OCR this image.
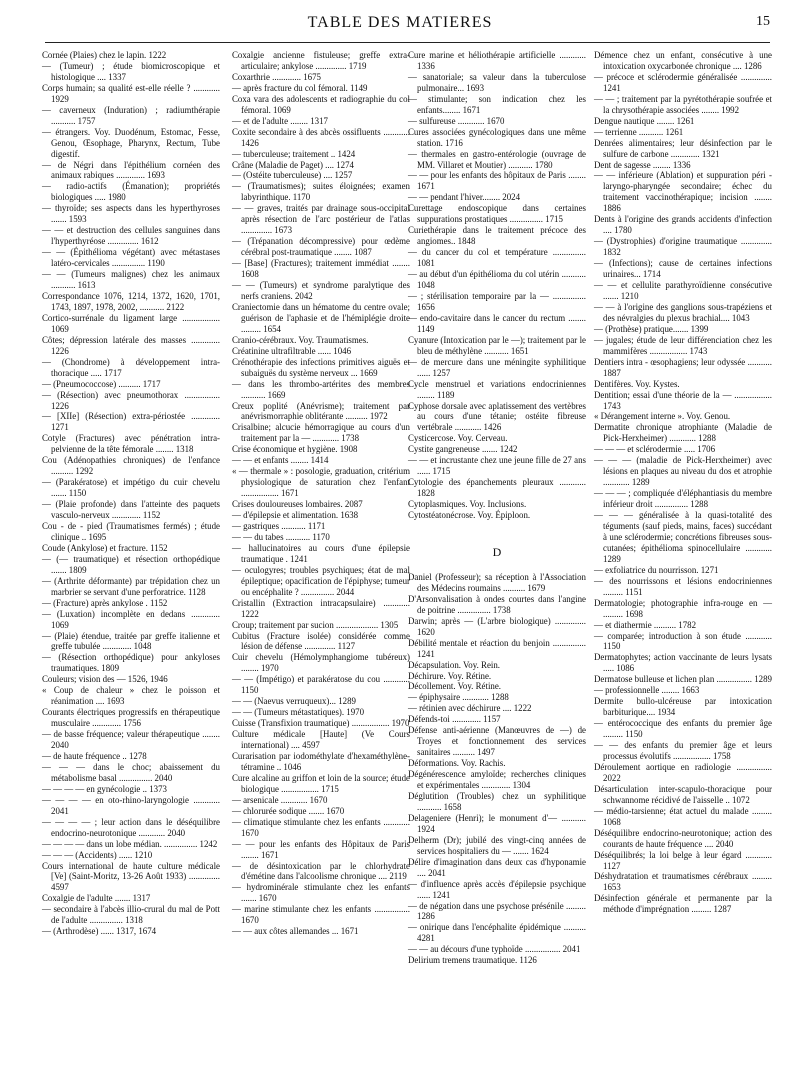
TABLE DES MATIERES	15
Cornée (Plaies) chez le lapin. 1222
— (Tumeur) ; étude biomicroscopique et histologique .... 1337
Corps humain; sa qualité est-elle réelle ? ............ 1929
— caverneux (Induration) ; radiumthérapie ........... 1757
— étrangers. Voy. Duodénum, Estomac, Fesse, Genou, Œsophage, Pharynx, Rectum, Tube digestif.
— de Négri dans l'épithélium cornéen des animaux rabiques ............. 1693
— radio-actifs (Émanation); propriétés biologiques ..... 1980
— thyroïde; ses aspects dans les hyperthyroses ....... 1593
— — et destruction des cellules sanguines dans l'hyperthyréose .............. 1612
— — (Épithélioma végétant) avec métastases latéro-cervicales ............... 1190
— — (Tumeurs malignes) chez les animaux ........... 1613
Correspondance 1076, 1214, 1372, 1620, 1701, 1743, 1897, 1978, 2002, ........... 2122
Cortico-surrénale du ligament large ................. 1069
Côtes; dépression latérale des masses ............. 1226
— (Chondrome) à développement intra-thoracique ..... 1717
— (Pneumococcose) .......... 1717
— (Résection) avec pneumothorax ................ 1226
— [XIIe] (Résection) extra-périostée ............. 1271
Cotyle (Fractures) avec pénétration intra-pelvienne de la tête fémorale ........ 1318
Cou (Adénopathies chroniques) de l'enfance .......... 1292
— (Parakératose) et impétigo du cuir chevelu ....... 1150
— (Plaie profonde) dans l'atteinte des paquets vasculo-nerveux ............. 1152
Cou - de - pied (Traumatismes fermés) ; étude clinique .. 1695
Coude (Ankylose) et fracture. 1152
— (— traumatique) et résection orthopédique ....... 1809
— (Arthrite déformante) par trépidation chez un marbrier se servant d'une perforatrice. 1128
— (Fracture) après ankylose . 1152
— (Luxation) incomplète en dedans ............. 1069
— (Plaie) étendue, traitée par greffe italienne et greffe tubulée ............. 1048
— (Résection orthopédique) pour ankyloses traumatiques. 1809
Couleurs; vision des — 1526, 1946
« Coup de chaleur » chez le poisson et réanimation .... 1693
Courants électriques progressifs en thérapeutique musculaire ............. 1756
— de basse fréquence; valeur thérapeutique ........ 2040
— de haute fréquence .. 1278
— — — dans le choc; abaissement du métabolisme basal ............... 2040
— — — — en gynécologie .. 1373
— — — — en oto-rhino-laryngologie ............ 2041
— — — — ; leur action dans le déséquilibre endocrino-neurotonique ............ 2040
— — — — dans un lobe médian. ............... 1242
— — — (Accidents) ...... 1210
Cours international de haute culture médicale [Ve] (Saint-Moritz, 13-26 Août 1933) .............. 4597
Coxalgie de l'adulte ....... 1317
— secondaire à l'abcès illio-crural du mal de Pott de l'adulte ............... 1318
— (Arthrodèse) ...... 1317, 1674
Coxalgie ancienne fistuleuse; greffe extra-articulaire; ankylose .............. 1719
Coxarthrie ............. 1675
— après fracture du col fémoral. 1149
Coxa vara des adolescents et radiographie du col fémoral. 1069
— et de l'adulte ........ 1317
Coxite secondaire à des abcès ossifluents ............ 1426
— tuberculeuse; traitement .. 1424
Crâne (Maladie de Paget) .... 1274
— (Ostéite tuberculeuse) .... 1257
— (Traumatismes); suites éloignées; examen labyrinthique. 1170
— — graves, traités par drainage sous-occipital après résection de l'arc postérieur de l'atlas .............. 1673
— (Trépanation décompressive) pour œdème cérébral post-traumatique ........ 1087
— [Base] (Fractures); traitement immédiat ........ 1608
— — (Tumeurs) et syndrome paralytique des nerfs craniens. 2042
Craniectomie dans un hématome du centre ovale; guérison de l'aphasie et de l'hémiplégie droite ......... 1654
Cranio-cérébraux. Voy. Traumatismes.
Créatinine ultrafiltrable ...... 1046
Crénothérapie des infections primitives aiguës et subaiguës du système nerveux ... 1669
— dans les thrombo-artérites des membres ........... 1669
Creux poplité (Anévrisme); traitement par anévrismorraphie oblitérante .......... 1972
Crisalbine; alcucie hémorragique au cours d'un traitement par la — ............ 1738
Crise économique et hygiène. 1908
— — et enfants ........ 1414
« — thermale » : posologie, graduation, critérium physiologique de saturation chez l'enfant ................. 1671
Crises douloureuses lombaires. 2087
— d'épilepsie et alimentation. 1638
— gastriques ........... 1171
— — du tabes ........... 1170
— hallucinatoires au cours d'une épilepsie traumatique . 1241
— oculogyres; troubles psychiques; état de mal épileptique; opacification de l'épiphyse; tumeur ou encéphalite ? ............... 2044
Cristallin (Extraction intracapsulaire) ............ 1222
Croup; traitement par sucion ................... 1305
Cubitus (Fracture isolée) considérée comme lésion de défense .............. 1127
Cuir chevelu (Hémolymphangiome tubéreux) ........ 1970
— — (Impétigo) et parakératose du cou ............ 1150
— — (Naevus verruqueux)... 1289
— — (Tumeurs métastatiques). 1970
Cuisse (Transfixion traumatique) ................. 1970
Culture médicale [Haute] (Ve Cours international) .... 4597
Curarisation par iodométhylate d'hexaméthylène-tétramine .. 1046
Cure alcaline au griffon et loin de la source; étude biologique ................. 1715
— arsenicale ............ 1670
— chlorurée sodique ....... 1670
— climatique stimulante chez les enfants ............ 1670
— — pour les enfants des Hôpitaux de Paris ........ 1671
— de désintoxication par le chlorhydrate d'émétine dans l'alcoolisme chronique .... 2119
— hydrominérale stimulante chez les enfants ....... 1670
— marine stimulante chez les enfants ................ 1670
— — aux côtes allemandes ... 1671
Cure marine et héliothérapie artificielle ............ 1336
— sanatoriale; sa valeur dans la tuberculose pulmonaire... 1693
— stimulante; son indication chez les enfants........ 1671
— sulfureuse ............ 1670
Cures associées gynécologiques dans une même station. 1716
— thermales en gastro-entérologie (ouvrage de MM. Villaret et Moutier) ........... 1780
— — pour les enfants des hôpitaux de Paris ........ 1671
— — pendant l'hiver........ 2024
Curettage endoscopique dans certaines suppurations prostatiques ............... 1715
Curiethérapie dans le traitement précoce des angiomes.. 1848
— du cancer du col et température ............... 1081
— au début d'un épithélioma du col utérin ........... 1048
— ; stérilisation temporaire par la — ............... 1656
— endo-cavitaire dans le cancer du rectum ........ 1149
Cyanure (Intoxication par le —); traitement par le bleu de méthylène ........... 1651
— de mercure dans une méningite syphilitique ...... 1257
Cycle menstruel et variations endocriniennes ........ 1189
Cyphose dorsale avec aplatissement des vertèbres au cours d'une tétanie; ostéite fibreuse vertébrale ............ 1426
Cysticercose. Voy. Cerveau.
Cystite gangreneuse ....... 1242
— — et incrustante chez une jeune fille de 27 ans ...... 1715
Cytologie des épanchements pleuraux ............ 1828
Cytoplasmiques. Voy. Inclusions.
Cytostéatonécrose. Voy. Épiploon.
D
Daniel (Professeur); sa réception à l'Association des Médecins roumains .......... 1679
D'Arsonvalisation à ondes courtes dans l'angine de poitrine ............... 1738
Darwin; après — (L'arbre biologique) .............. 1620
Débilité mentale et réaction du benjoin ............... 1241
Décapsulation. Voy. Rein.
Déchirure. Voy. Rétine.
Décollement. Voy. Rétine.
— épiphysaire ............ 1288
— rétinien avec déchirure .... 1222
Défends-toi ............. 1157
Défense anti-aérienne (Manœuvres de —) de Troyes et fonctionnement des services sanitaires .......... 1497
Déformations. Voy. Rachis.
Dégénérescence amyloïde; recherches cliniques et expérimentales ............. 1304
Déglutition (Troubles) chez un syphilitique ........... 1658
Delageniere (Henri); le monument d'— ........... 1924
Delherm (Dr); jubilé des vingt-cinq années de services hospitaliers du — ....... 1624
Délire d'imagination dans deux cas d'hyponamie .... 2041
— d'influence après accès d'épilepsie psychique ...... 1241
— de négation dans une psychose présénile ......... 1286
— onirique dans l'encéphalite épidémique .......... 4281
— — au décours d'une typhoïde ................ 2041
Delirium tremens traumatique. 1126
Démence chez un enfant, consécutive à une intoxication oxycarbonée chronique .... 1286
— précoce et sclérodermie généralisée .............. 1241
— — ; traitement par la pyrétothérapie soufrée et la chrysothérapie associées ........ 1992
Dengue nautique ........ 1261
— terrienne ........... 1261
Denrées alimentaires; leur désinfection par le sulfure de carbone ............. 1321
Dent de sagesse ........ 1336
— — inférieure (Ablation) et suppuration péri - laryngo-pharyngée secondaire; échec du traitement vaccinothérapique; incision ........ 1886
Dents à l'origine des grands accidents d'infection .... 1780
— (Dystrophies) d'origine traumatique .............. 1832
— (Infections); cause de certaines infections urinaires... 1714
— — et cellulite parathyroïdienne consécutive ....... 1210
— — à l'origine des ganglions sous-trapéziens et des névralgies du plexus brachial.... 1043
— (Prothèse) pratique....... 1399
— jugales; étude de leur différenciation chez les mammifères ................. 1743
Dentiers intra - œsophagiens; leur odyssée ........... 1887
Dentifères. Voy. Kystes.
Dentition; essai d'une théorie de la — ................. 1743
« Dérangement interne ». Voy. Genou.
Dermatite chronique atrophiante (Maladie de Pick-Herxheimer) ............ 1288
— — — et sclérodermie ..... 1706
— — — (maladie de Pick-Herxheimer) avec lésions en plaques au niveau du dos et atrophie ............ 1289
— — — ; compliquée d'éléphantiasis du membre inférieur droit ............... 1288
— — — généralisée à la quasi-totalité des téguments (sauf pieds, mains, faces) succédant à une sclérodermie; concrétions fibreuses sous-cutanées; épithélioma spinocellulaire ............ 1289
— exfoliatrice du nourrisson. 1271
— des nourrissons et lésions endocriniennes ......... 1151
Dermatologie; photographie infra-rouge en — ......... 1698
— et diathermie .......... 1782
— comparée; introduction à son étude ............ 1150
Dermatophytes; action vaccinante de leurs lysats ..... 1086
Dermatose bulleuse et lichen plan ................ 1289
— professionnelle ........ 1663
Dermite bullo-ulcéreuse par intoxication barbiturique.... 1934
— entérococcique des enfants du premier âge ......... 1150
— — des enfants du premier âge et leurs processus évolutifs ................. 1758
Déroulement aortique en radiologie ................ 2022
Désarticulation inter-scapulo-thoracique pour schwannome récidivé de l'aisselle .. 1072
— médio-tarsienne; état actuel du malade ......... 1068
Déséquilibre endocrino-neurotonique; action des courants de haute fréquence .... 2040
Déséquilibrés; la loi belge à leur égard ............ 1127
Déshydratation et traumatismes cérébraux ......... 1653
Désinfection générale et permanente par la méthode d'imprégnation ......... 1287
